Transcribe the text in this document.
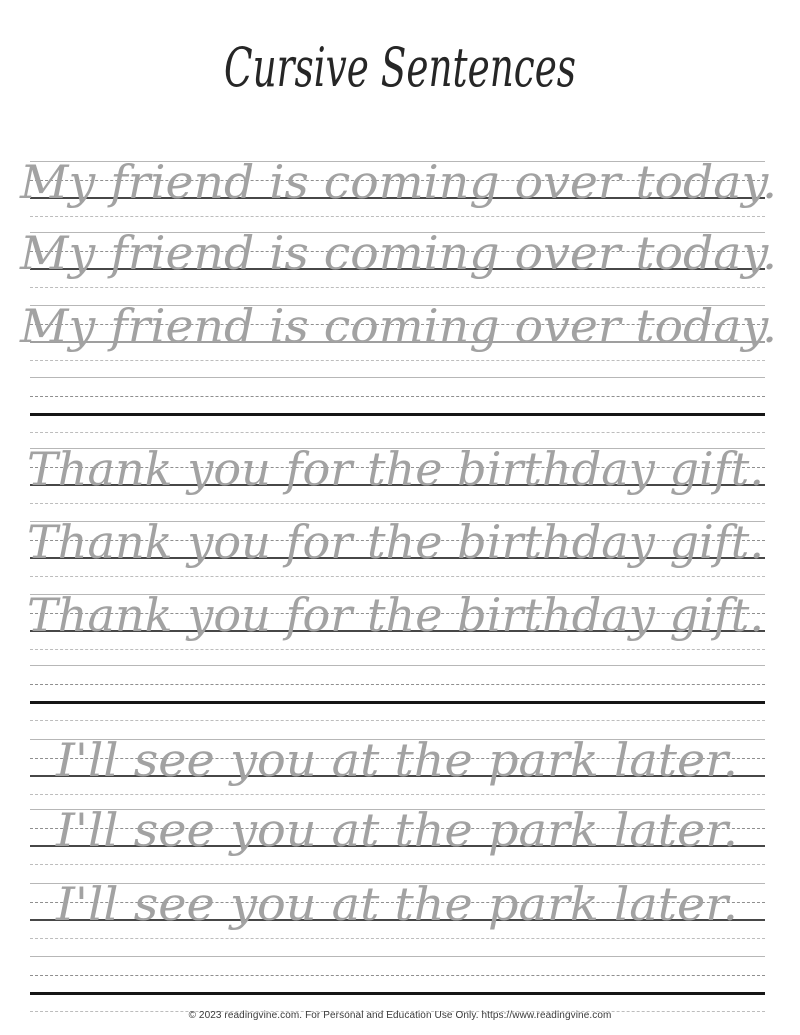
Cursive Sentences
My friend is coming over today.
My friend is coming over today.
My friend is coming over today.
Thank you for the birthday gift.
Thank you for the birthday gift.
Thank you for the birthday gift.
I'll see you at the park later.
I'll see you at the park later.
I'll see you at the park later.
© 2023 readingvine.com. For Personal and Education Use Only. https://www.readingvine.com
